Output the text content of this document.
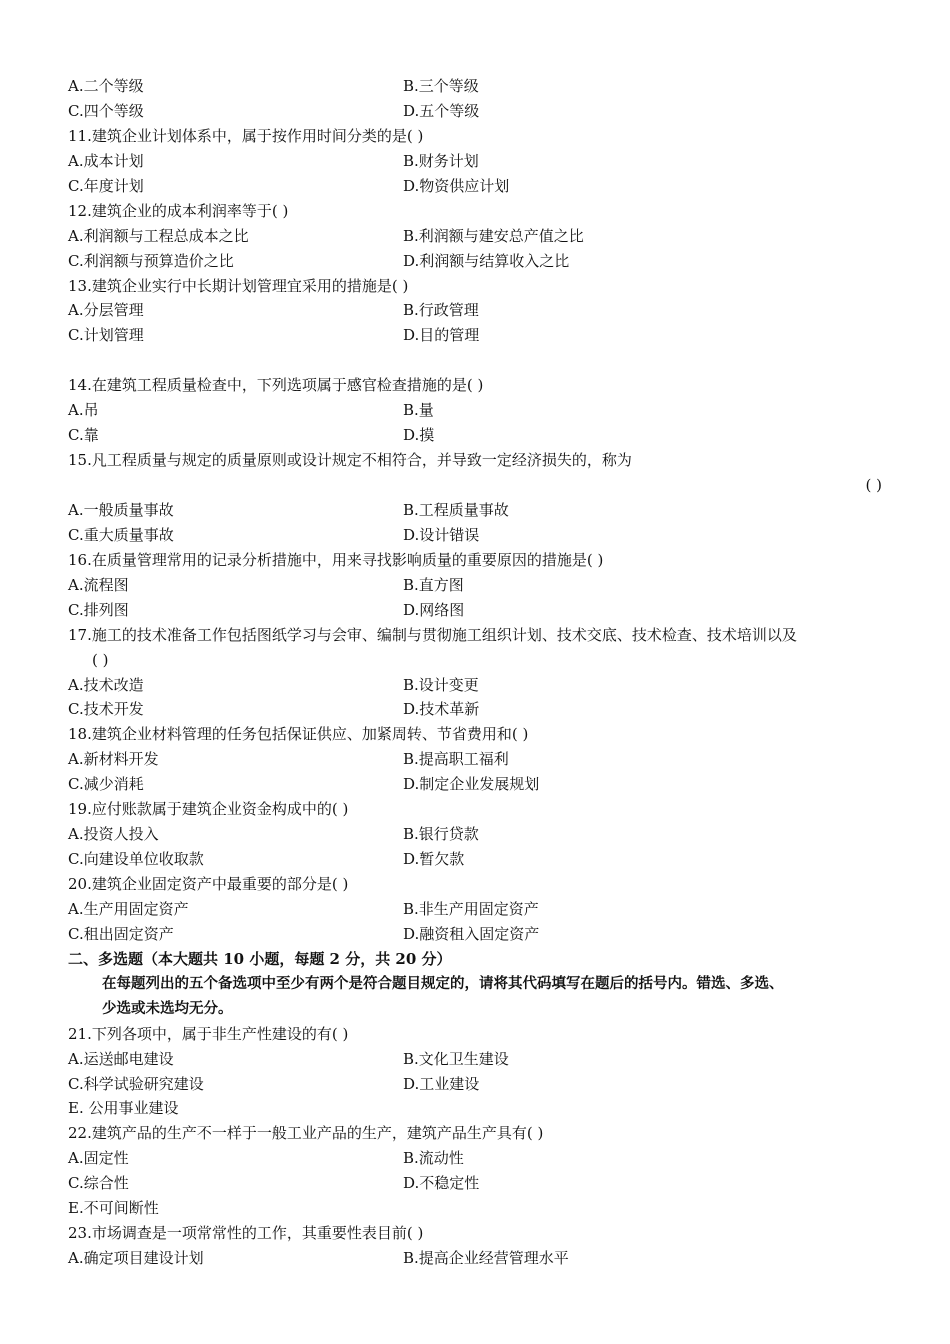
A.二个等级	B.三个等级
C.四个等级	D.五个等级
11.建筑企业计划体系中，属于按作用时间分类的是( )
A.成本计划	B.财务计划
C.年度计划	D.物资供应计划
12.建筑企业的成本利润率等于( )
A.利润额与工程总成本之比	B.利润额与建安总产值之比
C.利润额与预算造价之比	D.利润额与结算收入之比
13.建筑企业实行中长期计划管理宜采用的措施是( )
A.分层管理	B.行政管理
C.计划管理	D.目的管理
14.在建筑工程质量检查中，下列选项属于感官检查措施的是( )
A.吊	B.量
C.靠	D.摸
15.凡工程质量与规定的质量原则或设计规定不相符合，并导致一定经济损失的，称为
( )
A.一般质量事故	B.工程质量事故
C.重大质量事故	D.设计错误
16.在质量管理常用的记录分析措施中，用来寻找影响质量的重要原因的措施是( )
A.流程图	B.直方图
C.排列图	D.网络图
17.施工的技术准备工作包括图纸学习与会审、编制与贯彻施工组织计划、技术交底、技术检查、技术培训以及
( )
A.技术改造	B.设计变更
C.技术开发	D.技术革新
18.建筑企业材料管理的任务包括保证供应、加紧周转、节省费用和( )
A.新材料开发	B.提高职工福利
C.减少消耗	D.制定企业发展规划
19.应付账款属于建筑企业资金构成中的( )
A.投资人投入	B.银行贷款
C.向建设单位收取款	D.暂欠款
20.建筑企业固定资产中最重要的部分是( )
A.生产用固定资产	B.非生产用固定资产
C.租出固定资产	D.融资租入固定资产
二、多选题（本大题共 10 小题，每题 2 分，共 20 分）
在每题列出的五个备选项中至少有两个是符合题目规定的，请将其代码填写在题后的括号内。错选、多选、
少选或未选均无分。
21.下列各项中，属于非生产性建设的有( )
A.运送邮电建设	B.文化卫生建设
C.科学试验研究建设	D.工业建设
E. 公用事业建设
22.建筑产品的生产不一样于一般工业产品的生产，建筑产品生产具有( )
A.固定性	B.流动性
C.综合性	D.不稳定性
E.不可间断性
23.市场调查是一项常常性的工作，其重要性表目前( )
A.确定项目建设计划	B.提高企业经营管理水平
